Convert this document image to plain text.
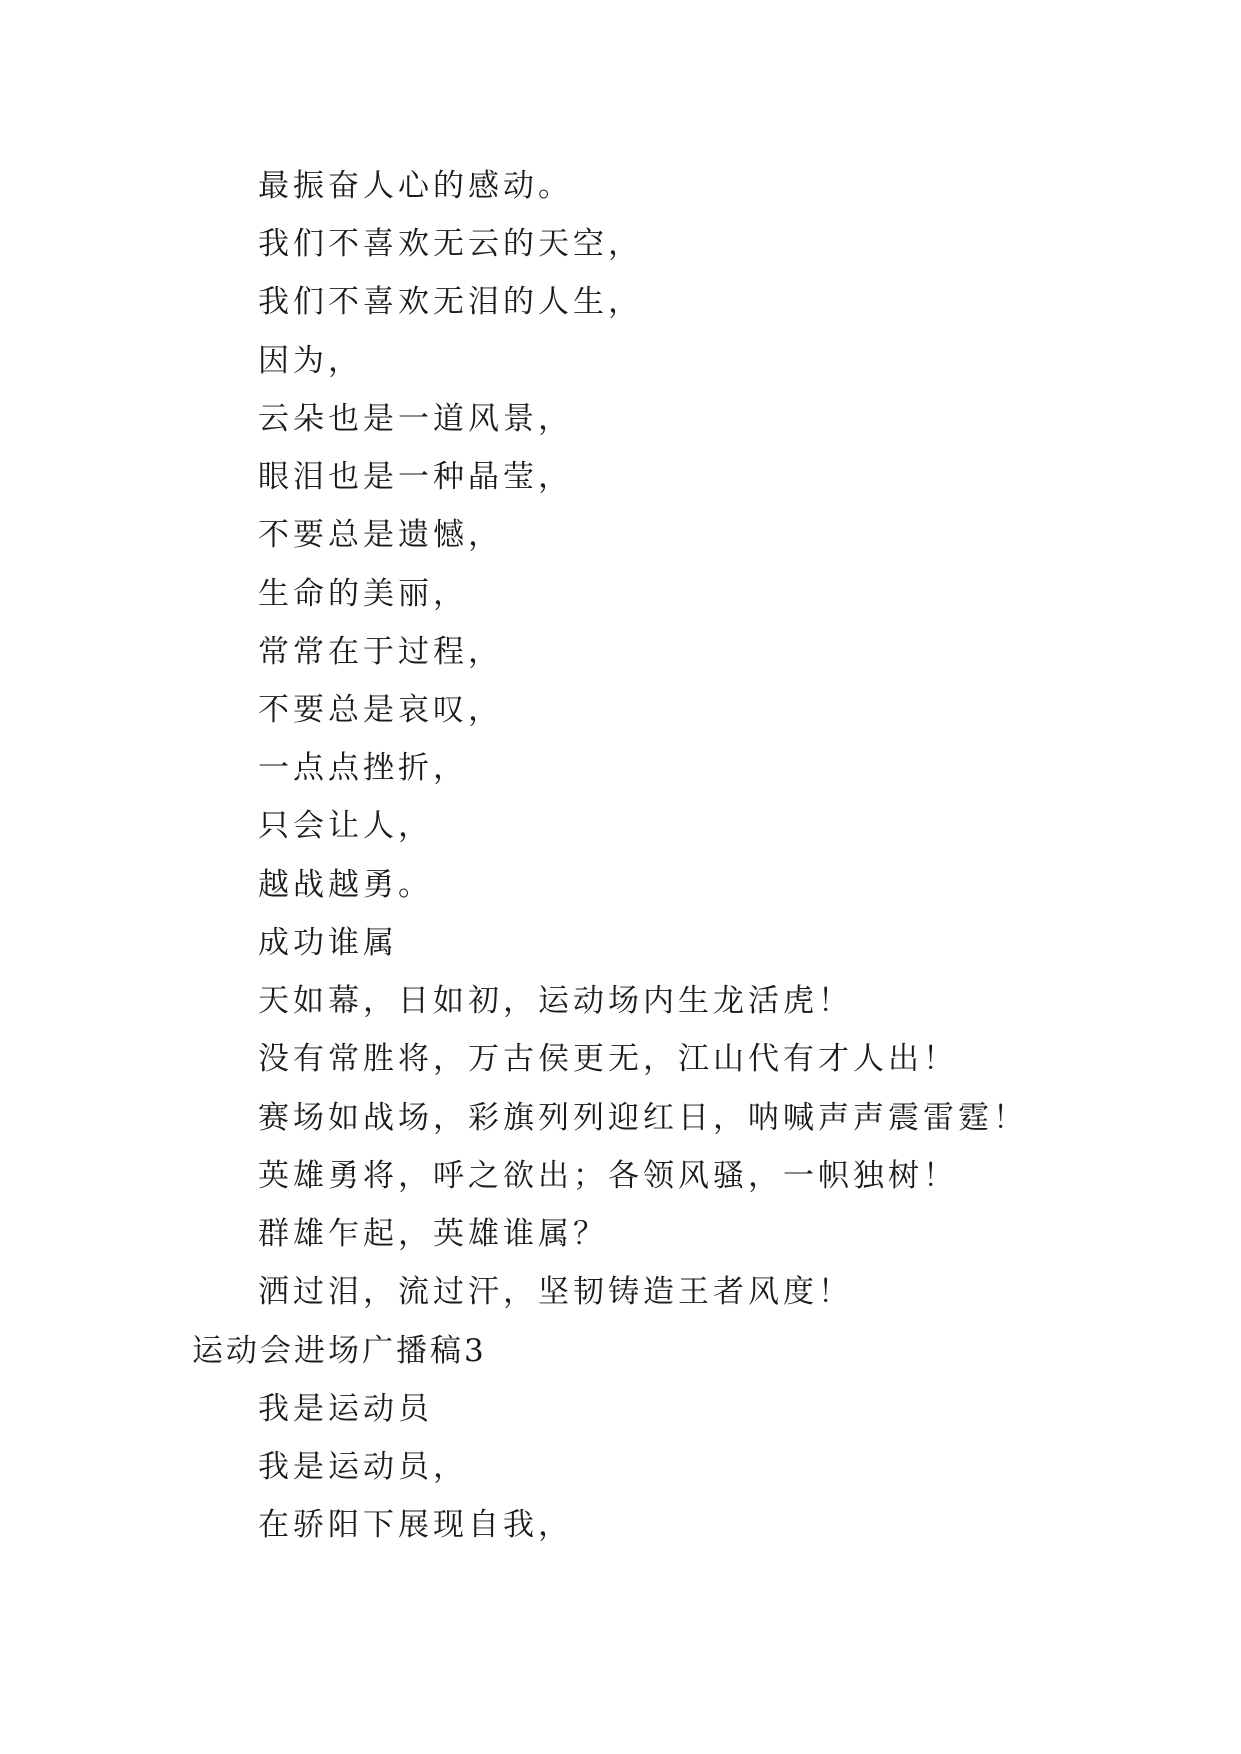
最振奋人心的感动。
我们不喜欢无云的天空，
我们不喜欢无泪的人生，
因为，
云朵也是一道风景，
眼泪也是一种晶莹，
不要总是遗憾，
生命的美丽，
常常在于过程，
不要总是哀叹，
一点点挫折，
只会让人，
越战越勇。
成功谁属
天如幕，日如初，运动场内生龙活虎！
没有常胜将，万古侯更无，江山代有才人出！
赛场如战场，彩旗列列迎红日，呐喊声声震雷霆！
英雄勇将，呼之欲出；各领风骚，一帜独树！
群雄乍起，英雄谁属？
洒过泪，流过汗，坚韧铸造王者风度！
运动会进场广播稿3
我是运动员
我是运动员，
在骄阳下展现自我，
